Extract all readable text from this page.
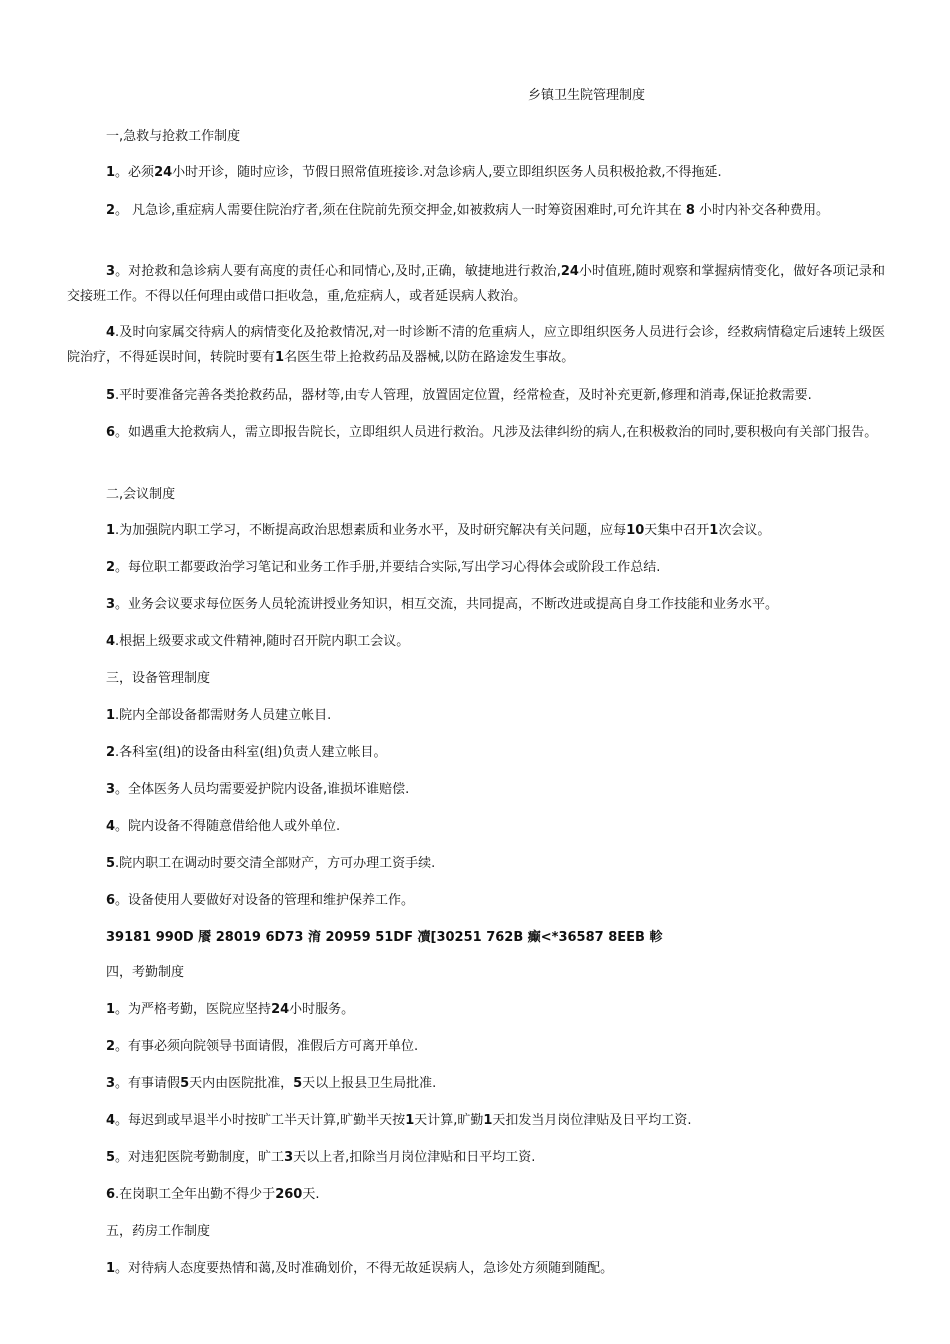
乡镇卫生院管理制度
一,急救与抢救工作制度
1。必须24小时开诊，随时应诊，节假日照常值班接诊.对急诊病人,要立即组织医务人员积极抢救,不得拖延.
2。 凡急诊,重症病人需要住院治疗者,须在住院前先预交押金,如被救病人一时筹资困难时,可允许其在 8 小时内补交各种费用。
3。对抢救和急诊病人要有高度的责任心和同情心,及时,正确，敏捷地进行救治,24小时值班,随时观察和掌握病情变化，做好各项记录和交接班工作。不得以任何理由或借口拒收急，重,危症病人，或者延误病人救治。
4.及时向家属交待病人的病情变化及抢救情况,对一时诊断不清的危重病人，应立即组织医务人员进行会诊，经救病情稳定后速转上级医院治疗，不得延误时间，转院时要有1名医生带上抢救药品及器械,以防在路途发生事故。
5.平时要准备完善各类抢救药品，器材等,由专人管理，放置固定位置，经常检查，及时补充更新,修理和消毒,保证抢救需要.
6。如遇重大抢救病人，需立即报告院长，立即组织人员进行救治。凡涉及法律纠纷的病人,在积极救治的同时,要积极向有关部门报告。
二,会议制度
1.为加强院内职工学习，不断提高政治思想素质和业务水平，及时研究解决有关问题，应每10天集中召开1次会议。
2。每位职工都要政治学习笔记和业务工作手册,并要结合实际,写出学习心得体会或阶段工作总结.
3。业务会议要求每位医务人员轮流讲授业务知识，相互交流，共同提高，不断改进或提高自身工作技能和业务水平。
4.根据上级要求或文件精神,随时召开院内职工会议。
三，设备管理制度
1.院内全部设备都需财务人员建立帐目.
2.各科室(组)的设备由科室(组)负责人建立帐目。
3。全体医务人员均需要爱护院内设备,谁损坏谁赔偿.
4。院内设备不得随意借给他人或外单位.
5.院内职工在调动时要交清全部财产，方可办理工资手续.
6。设备使用人要做好对设备的管理和维护保养工作。
39181 990D 餍 28019 6D73 淯 20959 51DF 凟[30251 762B 癫<*36587 8EEB 軫
四，考勤制度
1。为严格考勤，医院应坚持24小时服务。
2。有事必须向院领导书面请假，准假后方可离开单位.
3。有事请假5天内由医院批准，5天以上报县卫生局批准.
4。每迟到或早退半小时按旷工半天计算,旷勤半天按1天计算,旷勤1天扣发当月岗位津贴及日平均工资.
5。对违犯医院考勤制度，旷工3天以上者,扣除当月岗位津贴和日平均工资.
6.在岗职工全年出勤不得少于260天.
五，药房工作制度
1。对待病人态度要热情和蔼,及时准确划价，不得无故延误病人，急诊处方须随到随配。
